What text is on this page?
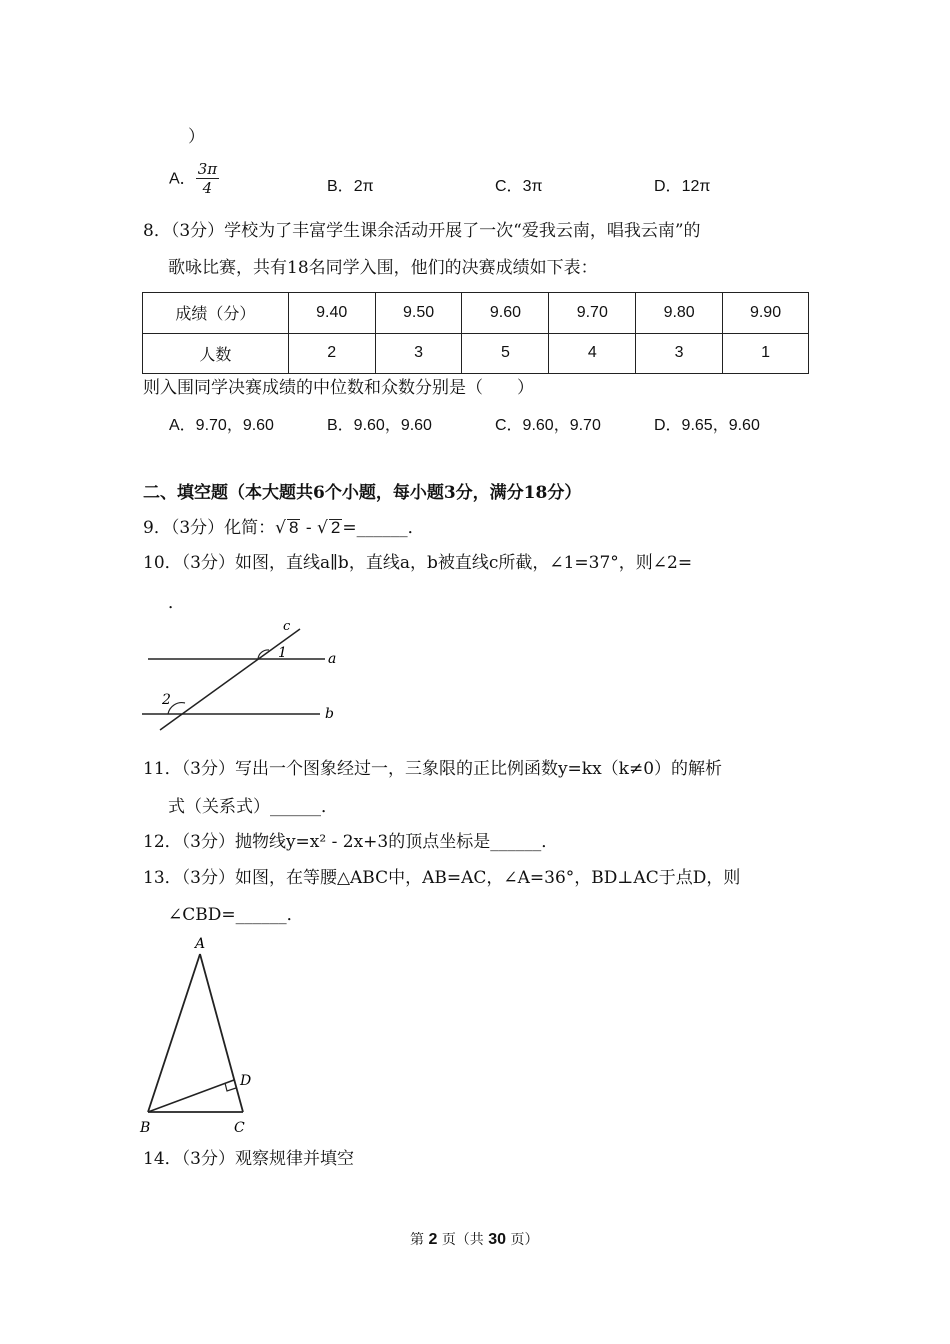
）
A． $\frac{3\pi}{4}$	B．2π	C．3π	D．12π
8．（3分）学校为了丰富学生课余活动开展了一次“爱我云南，唱我云南”的
歌咏比赛，共有18名同学入围，他们的决赛成绩如下表：
成绩（分）	9.40	9.50	9.60	9.70	9.80	9.90
人数	2	3	5	4	3	1
则入围同学决赛成绩的中位数和众数分别是（　　）
A．9.70，9.60	B．9.60，9.60	C．9.60，9.70	D．9.65，9.60
二、填空题（本大题共6个小题，每小题3分，满分18分）
9．（3分）化简：√ 8 - √ 2 =______．
10．（3分）如图，直线a∥b，直线a，b被直线c所截，∠1=37°，则∠2=
．
c
1	a
2
b
11．（3分）写出一个图象经过一，三象限的正比例函数y=kx（k≠0）的解析
式（关系式）______．
12．（3分）抛物线y=x² - 2x+3的顶点坐标是______．
13．（3分）如图，在等腰△ABC中，AB=AC，∠A=36°，BD⊥AC于点D，则
∠CBD=______．
A
B	C
D
14．（3分）观察规律并填空
第 2 页（共 30 页）
